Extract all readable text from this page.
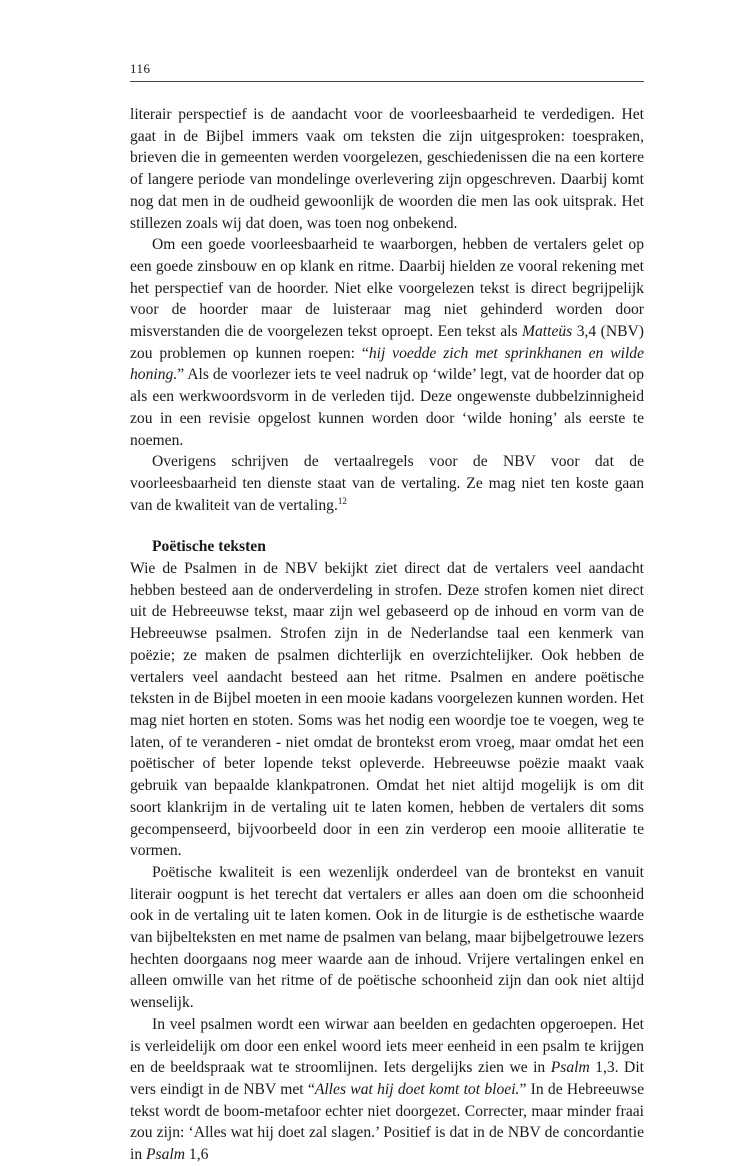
116

literair perspectief is de aandacht voor de voorleesbaarheid te verdedigen. Het gaat in de Bijbel immers vaak om teksten die zijn uitgesproken: toespraken, brieven die in gemeenten werden voorgelezen, geschiedenissen die na een kortere of langere periode van mondelinge overlevering zijn opgeschreven. Daarbij komt nog dat men in de oudheid gewoonlijk de woorden die men las ook uitsprak. Het stillezen zoals wij dat doen, was toen nog onbekend.

Om een goede voorleesbaarheid te waarborgen, hebben de vertalers gelet op een goede zinsbouw en op klank en ritme. Daarbij hielden ze vooral rekening met het perspectief van de hoorder. Niet elke voorgelezen tekst is direct begrijpelijk voor de hoorder maar de luisteraar mag niet gehinderd worden door misverstanden die de voorgelezen tekst oproept. Een tekst als Matteüs 3,4 (NBV) zou problemen op kunnen roepen: “hij voedde zich met sprinkhanen en wilde honing.” Als de voorlezer iets te veel nadruk op ‘wilde’ legt, vat de hoorder dat op als een werkwoordsvorm in de verleden tijd. Deze ongewenste dubbelzinnigheid zou in een revisie opgelost kunnen worden door ‘wilde honing’ als eerste te noemen.

Overigens schrijven de vertaalregels voor de NBV voor dat de voorleesbaarheid ten dienste staat van de vertaling. Ze mag niet ten koste gaan van de kwaliteit van de vertaling.$^{12}$

Poëtische teksten

Wie de Psalmen in de NBV bekijkt ziet direct dat de vertalers veel aandacht hebben besteed aan de onderverdeling in strofen. Deze strofen komen niet direct uit de Hebreeuwse tekst, maar zijn wel gebaseerd op de inhoud en vorm van de Hebreeuwse psalmen. Strofen zijn in de Nederlandse taal een kenmerk van poëzie; ze maken de psalmen dichterlijk en overzichtelijker. Ook hebben de vertalers veel aandacht besteed aan het ritme. Psalmen en andere poëtische teksten in de Bijbel moeten in een mooie kadans voorgelezen kunnen worden. Het mag niet horten en stoten. Soms was het nodig een woordje toe te voegen, weg te laten, of te veranderen - niet omdat de brontekst erom vroeg, maar omdat het een poëtischer of beter lopende tekst opleverde. Hebreeuwse poëzie maakt vaak gebruik van bepaalde klankpatronen. Omdat het niet altijd mogelijk is om dit soort klankrijm in de vertaling uit te laten komen, hebben de vertalers dit soms gecompenseerd, bijvoorbeeld door in een zin verderop een mooie alliteratie te vormen.

Poëtische kwaliteit is een wezenlijk onderdeel van de brontekst en vanuit literair oogpunt is het terecht dat vertalers er alles aan doen om die schoonheid ook in de vertaling uit te laten komen. Ook in de liturgie is de esthetische waarde van bijbelteksten en met name de psalmen van belang, maar bijbelgetrouwe lezers hechten doorgaans nog meer waarde aan de inhoud. Vrijere vertalingen enkel en alleen omwille van het ritme of de poëtische schoonheid zijn dan ook niet altijd wenselijk.

In veel psalmen wordt een wirwar aan beelden en gedachten opgeroepen. Het is verleidelijk om door een enkel woord iets meer eenheid in een psalm te krijgen en de beeldspraak wat te stroomlijnen. Iets dergelijks zien we in Psalm 1,3. Dit vers eindigt in de NBV met “Alles wat hij doet komt tot bloei.” In de Hebreeuwse tekst wordt de boom-metafoor echter niet doorgezet. Correcter, maar minder fraai zou zijn: ‘Alles wat hij doet zal slagen.’ Positief is dat in de NBV de concordantie in Psalm 1,6
